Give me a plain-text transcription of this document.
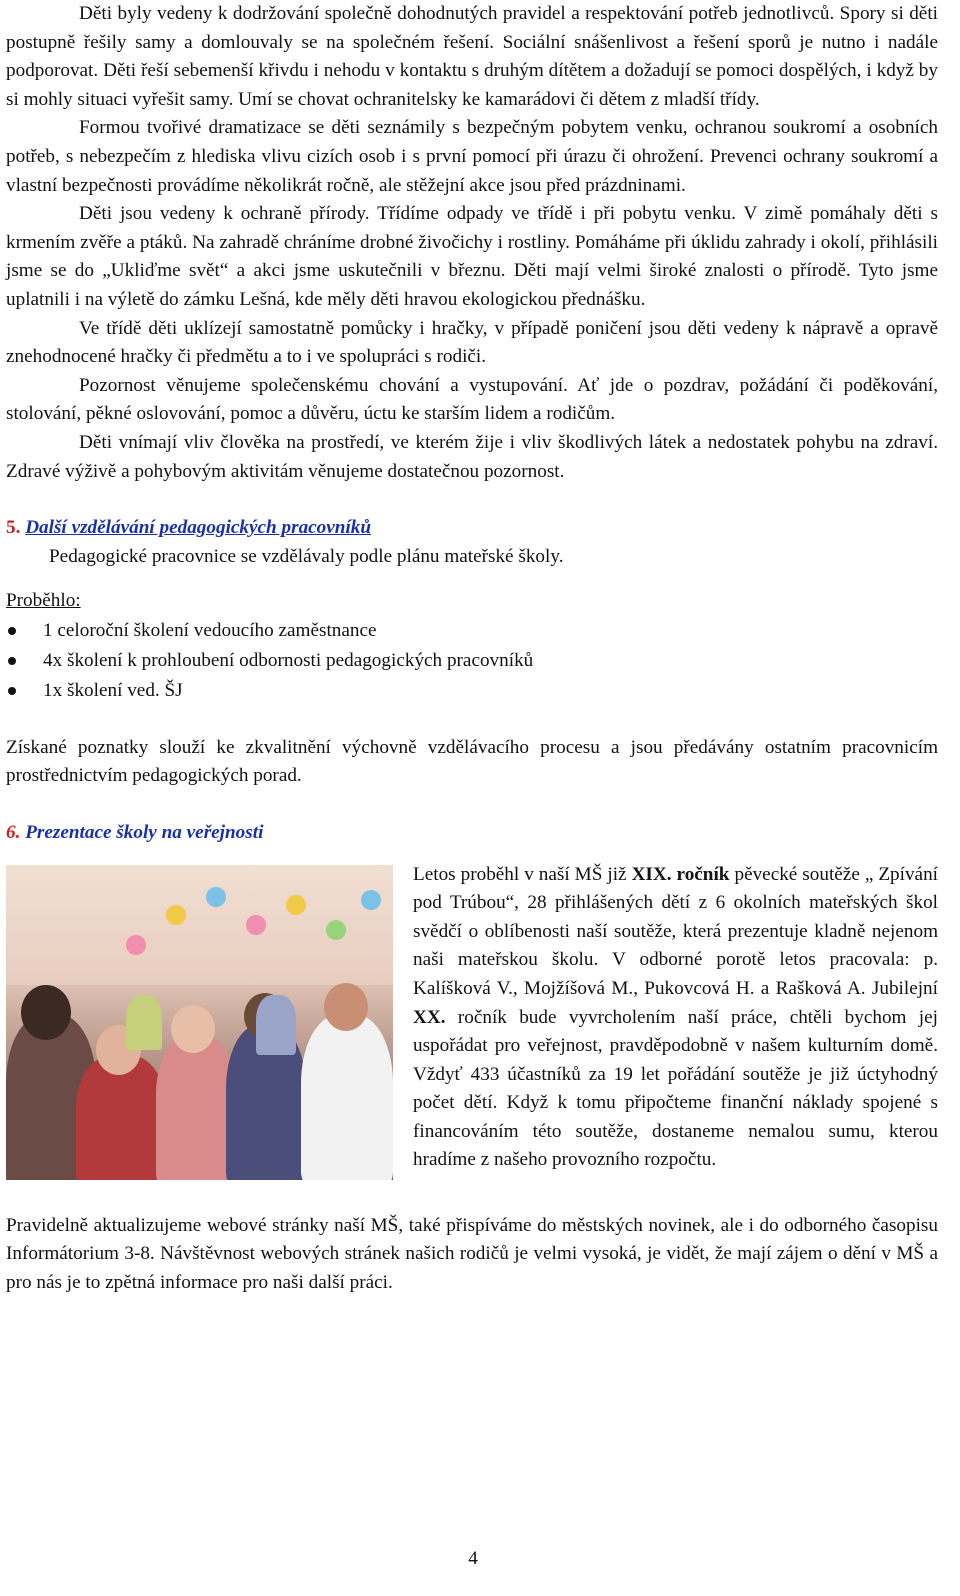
Děti byly vedeny k dodržování společně dohodnutých pravidel a respektování potřeb jednotlivců. Spory si děti postupně řešily samy a domlouvaly se na společném řešení. Sociální snášenlivost a řešení sporů je nutno i nadále podporovat. Děti řeší sebemenší křivdu i nehodu v kontaktu s druhým dítětem a dožadují se pomoci dospělých, i když by si mohly situaci vyřešit samy. Umí se chovat ochranitelsky ke kamarádovi či dětem z mladší třídy.

Formou tvořivé dramatizace se děti seznámily s bezpečným pobytem venku, ochranou soukromí a osobních potřeb, s nebezpečím z hlediska vlivu cizích osob i s první pomocí při úrazu či ohrožení. Prevenci ochrany soukromí a vlastní bezpečnosti provádíme několikrát ročně, ale stěžejní akce jsou před prázdninami.

Děti jsou vedeny k ochraně přírody. Třídíme odpady ve třídě i při pobytu venku. V zimě pomáhaly děti s krmením zvěře a ptáků. Na zahradě chráníme drobné živočichy i rostliny. Pomáháme při úklidu zahrady i okolí, přihlásili jsme se do „Ukliďme svět“ a akci jsme uskutečnili v březnu. Děti mají velmi široké znalosti o přírodě. Tyto jsme uplatnili i na výletě do zámku Lešná, kde měly děti hravou ekologickou přednášku.

Ve třídě děti uklízejí samostatně pomůcky i hračky, v případě poničení jsou děti vedeny k nápravě a opravě znehodnocené hračky či předmětu a to i ve spolupráci s rodiči.

Pozornost věnujeme společenskému chování a vystupování. Ať jde o pozdrav, požádání či poděkování, stolování, pěkné oslovování, pomoc a důvěru, úctu ke starším lidem a rodičům.

Děti vnímají vliv člověka na prostředí, ve kterém žije i vliv škodlivých látek a nedostatek pohybu na zdraví. Zdravé výživě a pohybovým aktivitám věnujeme dostatečnou pozornost.

5. Další vzdělávání pedagogických pracovníků

Pedagogické pracovnice se vzdělávaly podle plánu mateřské školy.

Proběhlo:

1 celoroční školení vedoucího zaměstnance
4x školení k prohloubení odbornosti pedagogických pracovníků
1x školení ved. ŠJ

Získané poznatky slouží ke zkvalitnění výchovně vzdělávacího procesu a jsou předávány ostatním pracovnicím prostřednictvím pedagogických porad.

6. Prezentace školy na veřejnosti

Letos proběhl v naší MŠ již XIX. ročník pěvecké soutěže „ Zpívání pod Trúbou“, 28 přihlášených dětí z 6 okolních mateřských škol svědčí o oblíbenosti naší soutěže, která prezentuje kladně nejenom naši mateřskou školu. V odborné porotě letos pracovala: p. Kalíšková V., Mojžíšová M., Pukovcová H. a Rašková A. Jubilejní XX. ročník bude vyvrcholením naší práce, chtěli bychom jej uspořádat pro veřejnost, pravděpodobně v našem kulturním domě. Vždyť 433 účastníků za 19 let pořádání soutěže je již úctyhodný počet dětí. Když k tomu připočteme finanční náklady spojené s financováním této soutěže, dostaneme nemalou sumu, kterou hradíme z našeho provozního rozpočtu.

Pravidelně aktualizujeme webové stránky naší MŠ, také přispíváme do městských novinek, ale i do odborného časopisu Informátorium 3-8. Návštěvnost webových stránek našich rodičů je velmi vysoká, je vidět, že mají zájem o dění v MŠ a pro nás je to zpětná informace pro naši další práci.

4
